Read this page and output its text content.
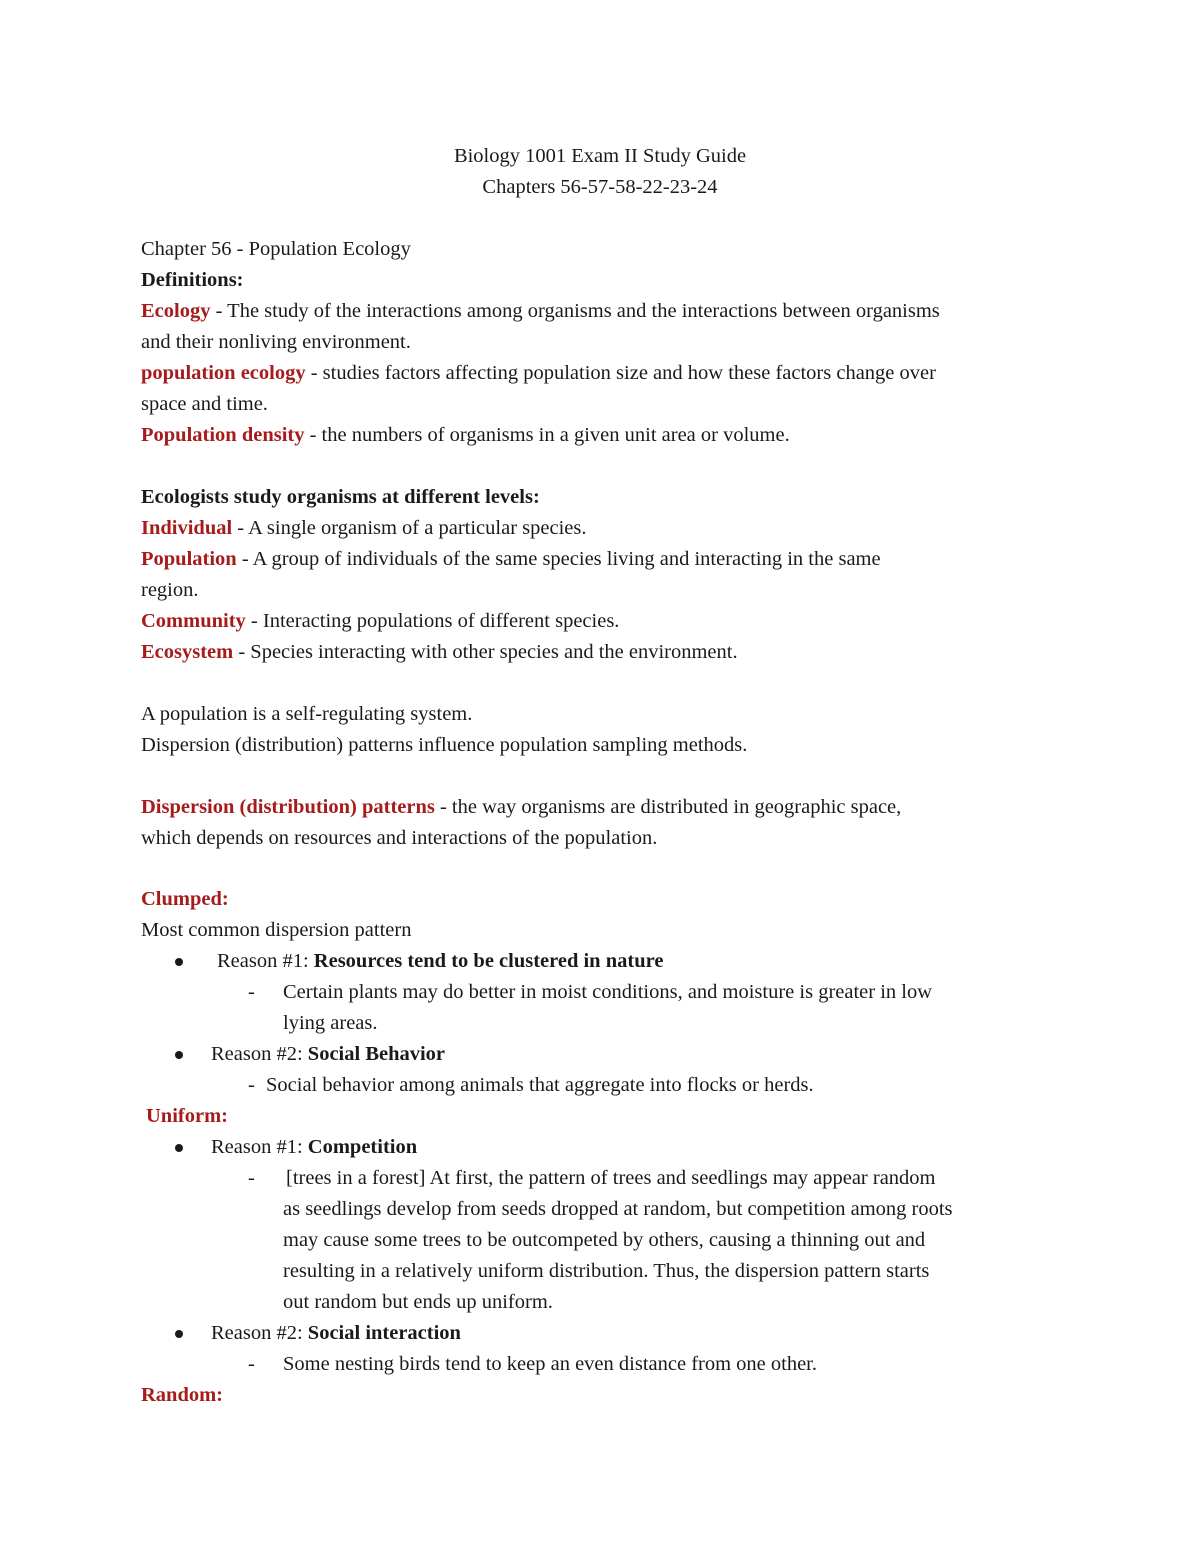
Biology 1001 Exam II Study Guide
Chapters 56-57-58-22-23-24
Chapter 56 - Population Ecology
Definitions:
Ecology - The study of the interactions among organisms and the interactions between organisms
and their nonliving environment.
population ecology - studies factors affecting population size and how these factors change over
space and time.
Population density - the numbers of organisms in a given unit area or volume.
Ecologists study organisms at different levels:
Individual - A single organism of a particular species.
Population - A group of individuals of the same species living and interacting in the same
region.
Community - Interacting populations of different species.
Ecosystem - Species interacting with other species and the environment.
A population is a self-regulating system.
Dispersion (distribution) patterns influence population sampling methods.
Dispersion (distribution) patterns - the way organisms are distributed in geographic space,
which depends on resources and interactions of the population.
Clumped:
Most common dispersion pattern
Reason #1: Resources tend to be clustered in nature
- Certain plants may do better in moist conditions, and moisture is greater in low
lying areas.
Reason #2: Social Behavior
- Social behavior among animals that aggregate into flocks or herds.
Uniform:
Reason #1: Competition
- [trees in a forest] At first, the pattern of trees and seedlings may appear random
as seedlings develop from seeds dropped at random, but competition among roots
may cause some trees to be outcompeted by others, causing a thinning out and
resulting in a relatively uniform distribution. Thus, the dispersion pattern starts
out random but ends up uniform.
Reason #2: Social interaction
- Some nesting birds tend to keep an even distance from one other.
Random:
